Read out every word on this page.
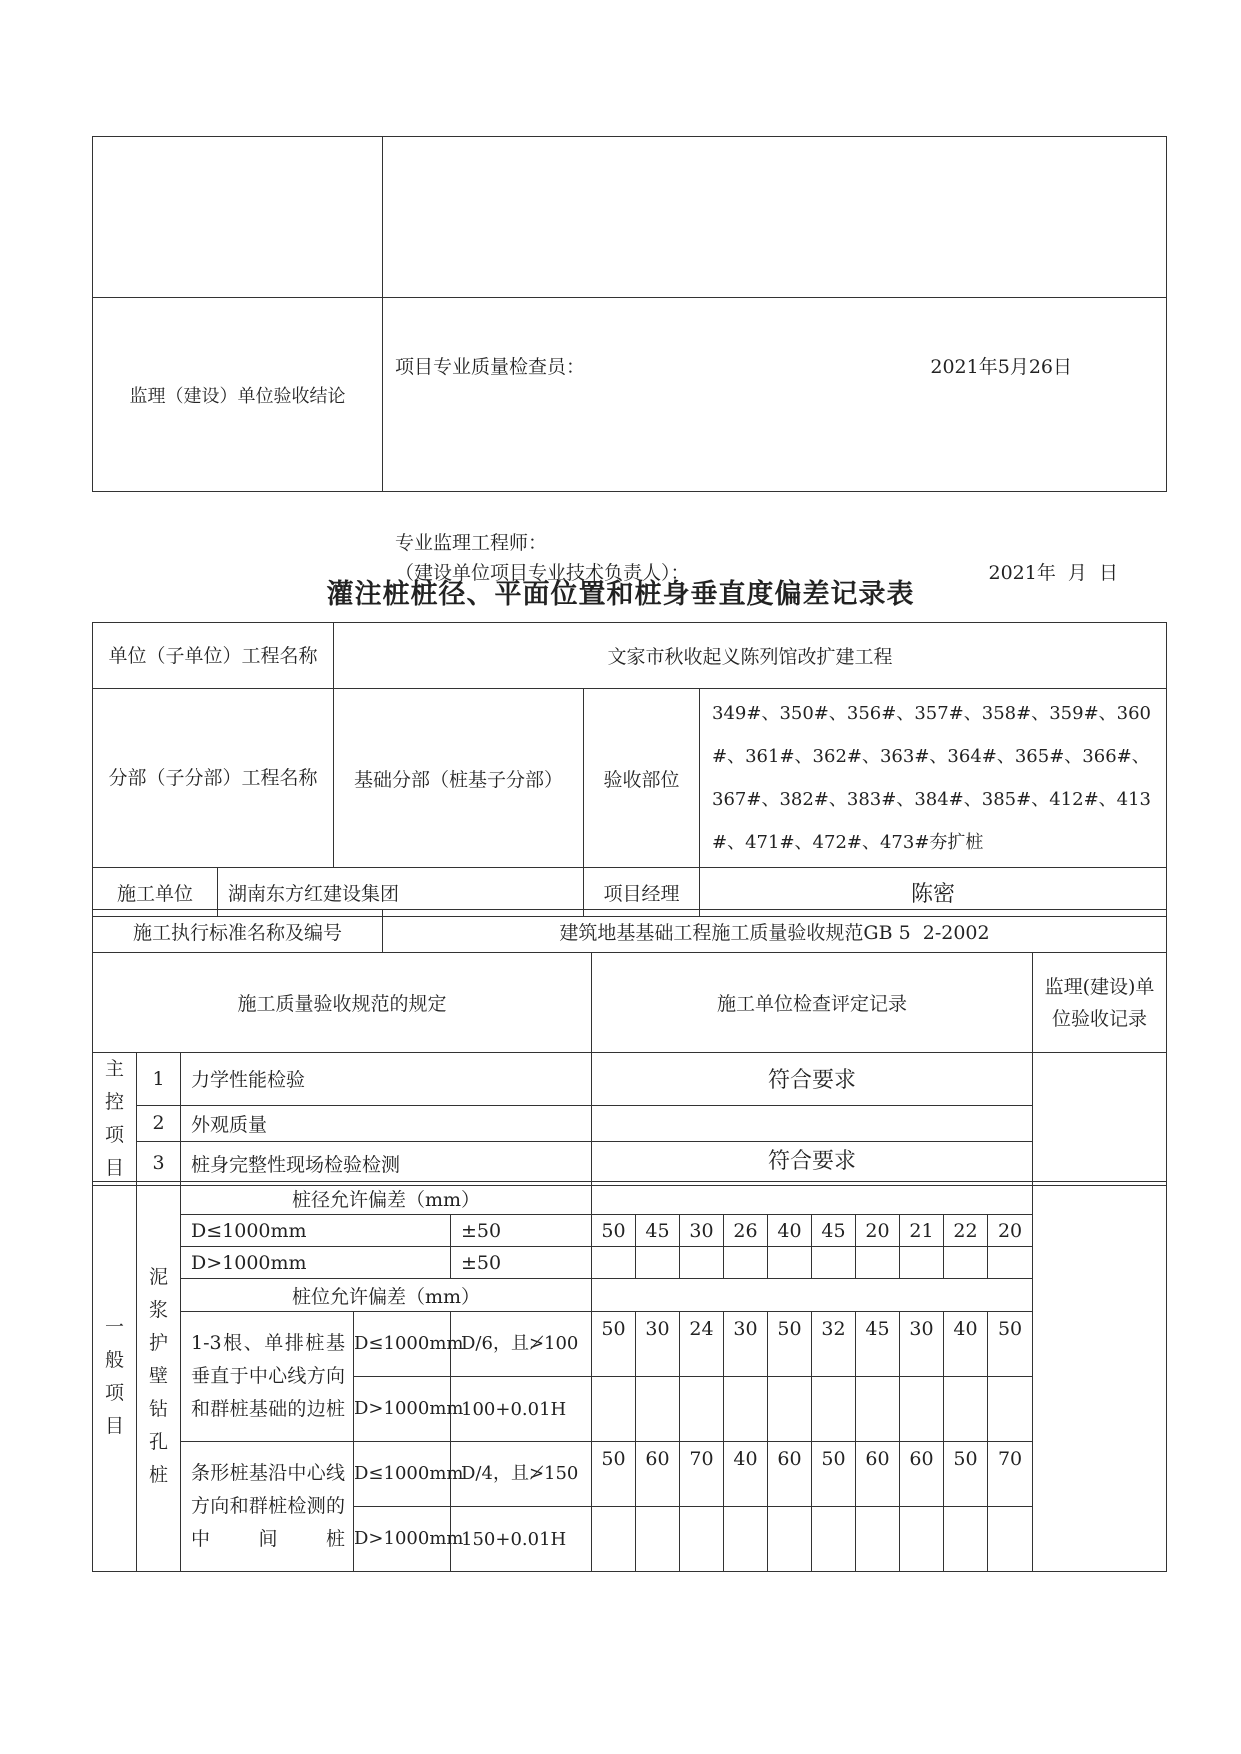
	项目专业质量检查员： 2021年5月26日

监理（建设）单位验收结论	专业监理工程师：
（建设单位项目专业技术负责人）： 2021年  月  日
灌注桩桩径、平面位置和桩身垂直度偏差记录表
单位（子单位）工程名称		文家市秋收起义陈列馆改扩建工程		
分部（子分部）工程名称		基础分部（桩基子分部）	验收部位	349#、350#、356#、357#、358#、359#、360#、361#、362#、363#、364#、365#、366#、367#、382#、383#、384#、385#、412#、413#、471#、472#、473#夯扩桩
施工单位	湖南东方红建设集团		项目经理	陈密
施工执行标准名称及编号	建筑地基基础工程施工质量验收规范GB 5  2-2002
施工质量验收规范的规定	施工单位检查评定记录	监理(建设)单位验收记录
主控项目	1	力学性能检验	符合要求	
	2	外观质量		
	3	桩身完整性现场检验检测	符合要求	
一般项目	泥浆护壁钻孔桩	桩径允许偏差（mm）													
		D≤1000mm		±50	50	45	30	26	40	45	20	21	22	20	
		D>1000mm		±50											
		桩位允许偏差（mm）													
		1-3根、单排桩基垂直于中心线方向和群桩基础的边桩	D≤1000mm	D/6，且≯100	50	30	24	30	50	32	45	30	40	50	
			D>1000mm	100+0.01H											
		条形桩基沿中心线方向和群桩检测的中间桩	D≤1000mm	D/4，且≯150	50	60	70	40	60	50	60	60	50	70	
			D>1000mm	150+0.01H											
